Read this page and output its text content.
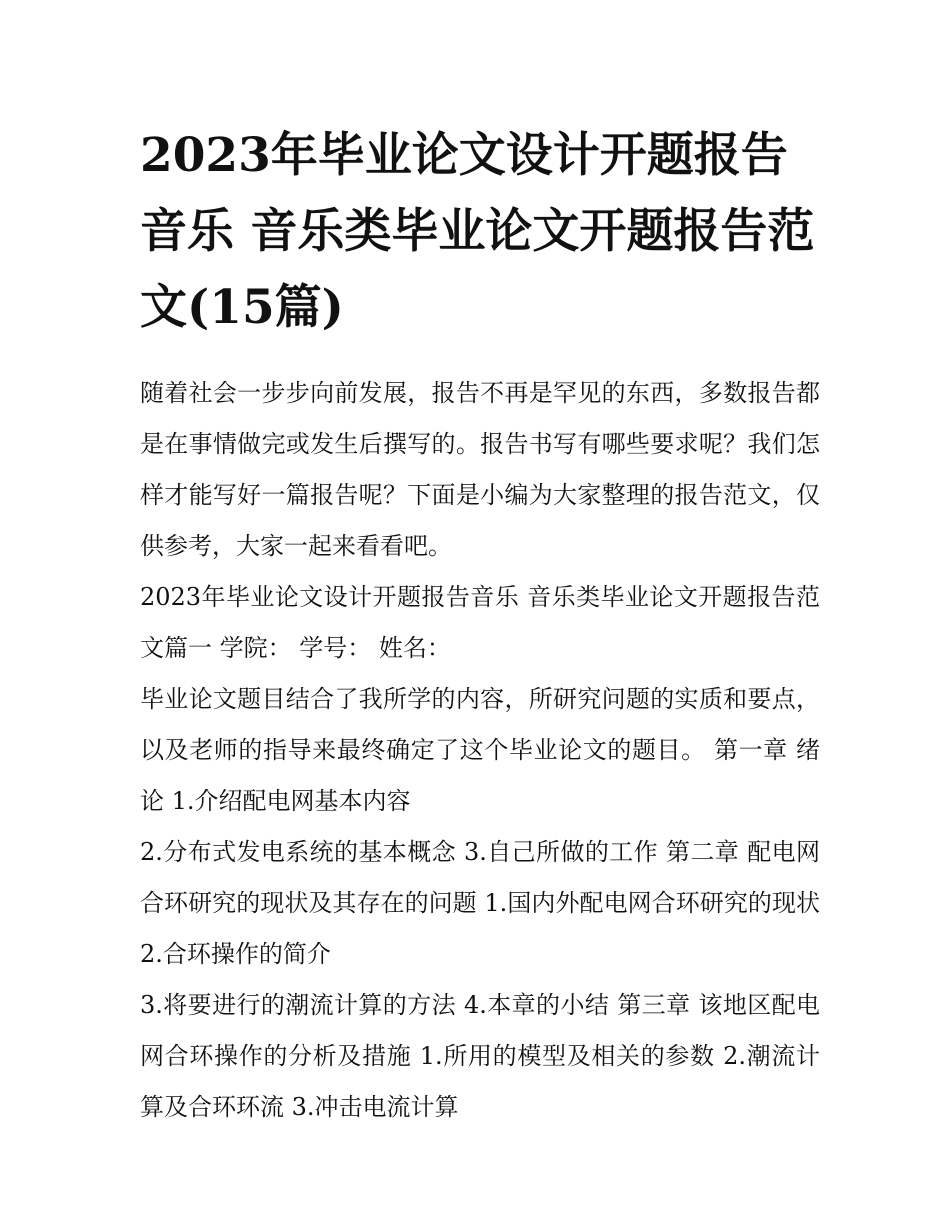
2023年毕业论文设计开题报告音乐 音乐类毕业论文开题报告范文(15篇)

随着社会一步步向前发展，报告不再是罕见的东西，多数报告都是在事情做完或发生后撰写的。报告书写有哪些要求呢？我们怎样才能写好一篇报告呢？下面是小编为大家整理的报告范文，仅供参考，大家一起来看看吧。

2023年毕业论文设计开题报告音乐 音乐类毕业论文开题报告范文篇一 学院： 学号： 姓名：

毕业论文题目结合了我所学的内容，所研究问题的实质和要点，以及老师的指导来最终确定了这个毕业论文的题目。 第一章 绪论 1.介绍配电网基本内容

2.分布式发电系统的基本概念 3.自己所做的工作 第二章 配电网合环研究的现状及其存在的问题 1.国内外配电网合环研究的现状 2.合环操作的简介

3.将要进行的潮流计算的方法 4.本章的小结 第三章 该地区配电网合环操作的分析及措施 1.所用的模型及相关的参数 2.潮流计算及合环环流 3.冲击电流计算
